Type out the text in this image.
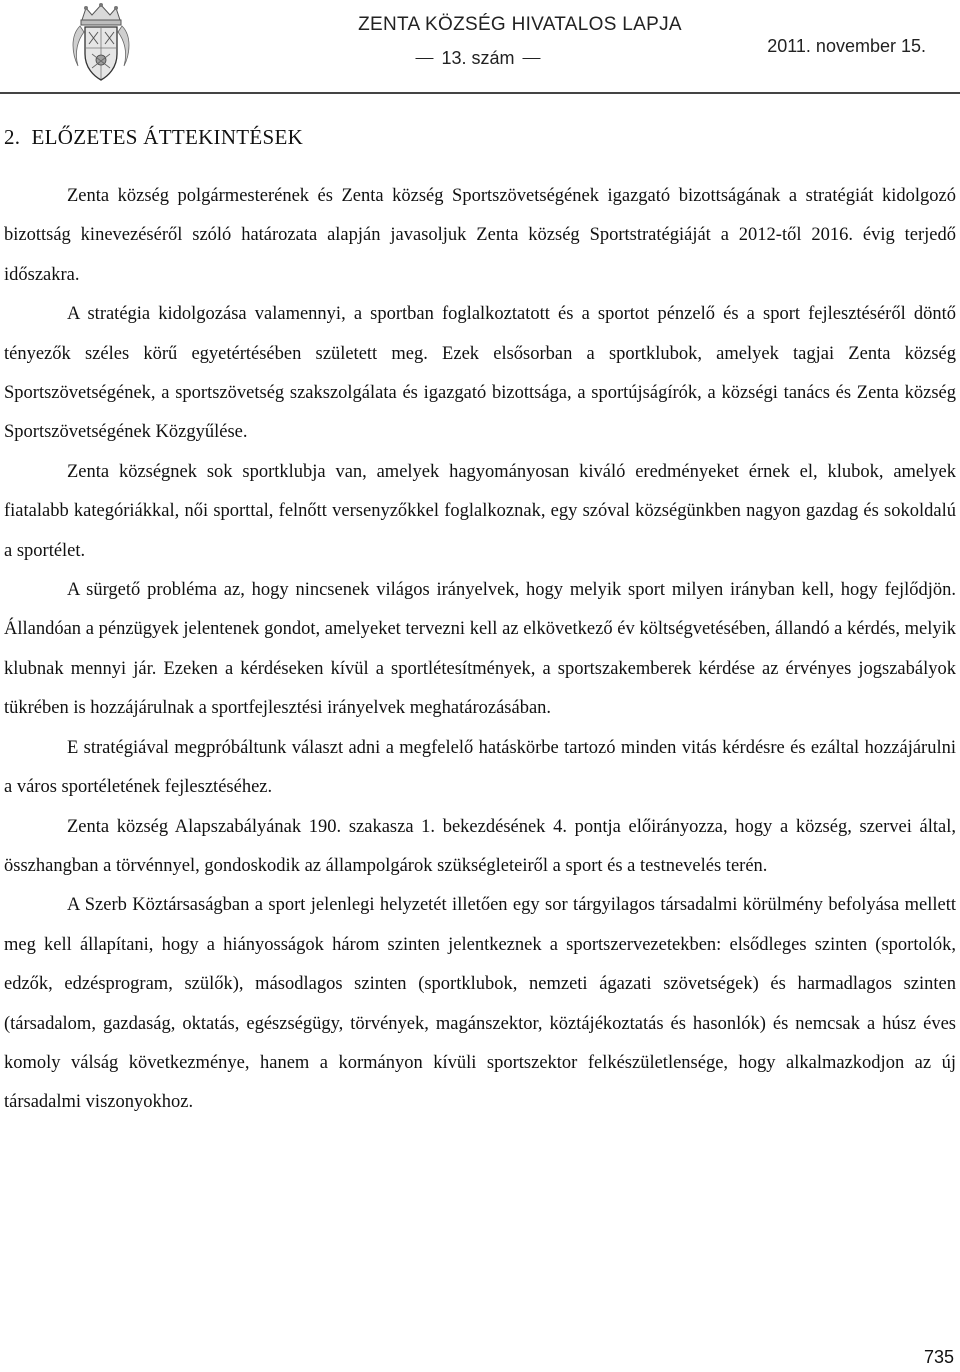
ZENTA KÖZSÉG HIVATALOS LAPJA
13. szám
2011. november 15.
2. ELŐZETES ÁTTEKINTÉSEK

Zenta község polgármesterének és Zenta község Sportszövetségének igazgató bizottságának a stratégiát kidolgozó bizottság kinevezéséről szóló határozata alapján javasoljuk Zenta község Sportstratégiáját a 2012-től 2016. évig terjedő időszakra.

A stratégia kidolgozása valamennyi, a sportban foglalkoztatott és a sportot pénzelő és a sport fejlesztéséről döntő tényezők széles körű egyetértésében született meg. Ezek elsősorban a sportklubok, amelyek tagjai Zenta község Sportszövetségének, a sportszövetség szakszolgálata és igazgató bizottsága, a sportújságírók, a községi tanács és Zenta község Sportszövetségének Közgyűlése.

Zenta községnek sok sportklubja van, amelyek hagyományosan kiváló eredményeket érnek el, klubok, amelyek fiatalabb kategóriákkal, női sporttal, felnőtt versenyzőkkel foglalkoznak, egy szóval községünkben nagyon gazdag és sokoldalú a sportélet.

A sürgető probléma az, hogy nincsenek világos irányelvek, hogy melyik sport milyen irányban kell, hogy fejlődjön. Állandóan a pénzügyek jelentenek gondot, amelyeket tervezni kell az elkövetkező év költségvetésében, állandó a kérdés, melyik klubnak mennyi jár. Ezeken a kérdéseken kívül a sportlétesítmények, a sportszakemberek kérdése az érvényes jogszabályok tükrében is hozzájárulnak a sportfejlesztési irányelvek meghatározásában.

E stratégiával megpróbáltunk választ adni a megfelelő hatáskörbe tartozó minden vitás kérdésre és ezáltal hozzájárulni a város sportéletének fejlesztéséhez.

Zenta község Alapszabályának 190. szakasza 1. bekezdésének 4. pontja előirányozza, hogy a község, szervei által, összhangban a törvénnyel, gondoskodik az állampolgárok szükségleteiről a sport és a testnevelés terén.

A Szerb Köztársaságban a sport jelenlegi helyzetét illetően egy sor tárgyilagos társadalmi körülmény befolyása mellett meg kell állapítani, hogy a hiányosságok három szinten jelentkeznek a sportszervezetekben: elsődleges szinten (sportolók, edzők, edzésprogram, szülők), másodlagos szinten (sportklubok, nemzeti ágazati szövetségek) és harmadlagos szinten (társadalom, gazdaság, oktatás, egészségügy, törvények, magánszektor, köztájékoztatás és hasonlók) és nemcsak a húsz éves komoly válság következménye, hanem a kormányon kívüli sportszektor felkészületlensége, hogy alkalmazkodjon az új társadalmi viszonyokhoz.

735
